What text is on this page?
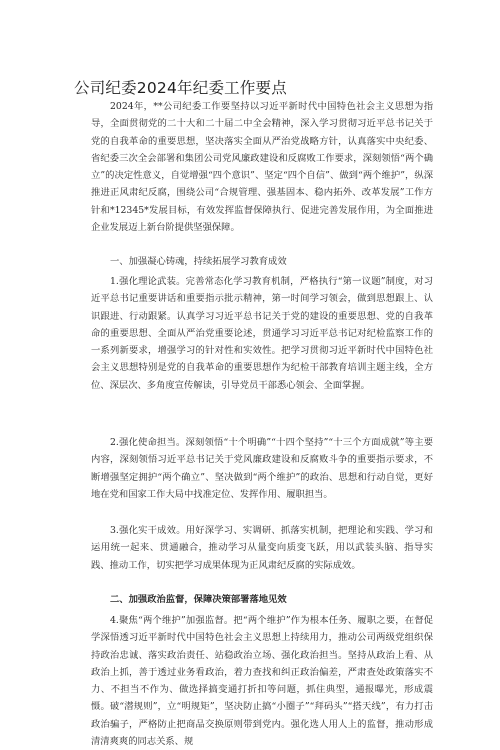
公司纪委2024年纪委工作要点

2024年，**公司纪委工作要坚持以习近平新时代中国特色社会主义思想为指导，全面贯彻党的二十大和二十届二中全会精神，深入学习贯彻习近平总书记关于党的自我革命的重要思想，坚决落实全面从严治党战略方针，认真落实中央纪委、省纪委三次全会部署和集团公司党风廉政建设和反腐败工作要求，深刻领悟“两个确立”的决定性意义，自觉增强“四个意识”、坚定“四个自信”、做到“两个维护”，纵深推进正风肃纪反腐，围绕公司“合规管理、强基固本、稳内拓外、改革发展”工作方针和*12345*发展目标，有效发挥监督保障执行、促进完善发展作用，为全面推进企业发展迈上新台阶提供坚强保障。

一、加强凝心铸魂，持续拓展学习教育成效

1.强化理论武装。完善常态化学习教育机制，严格执行“第一议题”制度，对习近平总书记重要讲话和重要指示批示精神，第一时间学习领会，做到思想跟上、认识跟进、行动跟紧。认真学习习近平总书记关于党的建设的重要思想、党的自我革命的重要思想、全面从严治党重要论述，贯通学习习近平总书记对纪检监察工作的一系列新要求，增强学习的针对性和实效性。把学习贯彻习近平新时代中国特色社会主义思想特别是党的自我革命的重要思想作为纪检干部教育培训主题主线，全方位、深层次、多角度宣传解读，引导党员干部悉心领会、全面掌握。

2.强化使命担当。深刻领悟“十个明确”“十四个坚持”“十三个方面成就”等主要内容，深刻领悟习近平总书记关于党风廉政建设和反腐败斗争的重要指示要求，不断增强坚定拥护“两个确立”、坚决做到“两个维护”的政治、思想和行动自觉，更好地在党和国家工作大局中找准定位、发挥作用、履职担当。

3.强化实干成效。用好深学习、实调研、抓落实机制，把理论和实践、学习和运用统一起来、贯通融合，推动学习从量变向质变飞跃，用以武装头脑、指导实践、推动工作，切实把学习成果体现为正风肃纪反腐的实际成效。

二、加强政治监督，保障决策部署落地见效

4.聚焦“两个维护”加强监督。把“两个维护”作为根本任务、履职之要，在督促学深悟透习近平新时代中国特色社会主义思想上持续用力，推动公司两级党组织保持政治忠诚、落实政治责任、站稳政治立场、强化政治担当。坚持从政治上看、从政治上抓，善于透过业务看政治，着力查找和纠正政治偏差，严肃查处政策落实不力、不担当不作为、做选择搞变通打折扣等问题，抓住典型，通报曝光，形成震慑。破“潜规则”，立“明规矩”，坚决防止搞“小圈子”“拜码头”“搭天线”，有力打击政治骗子，严格防止把商品交换原则带到党内。强化选人用人上的监督，推动形成清清爽爽的同志关系、规
